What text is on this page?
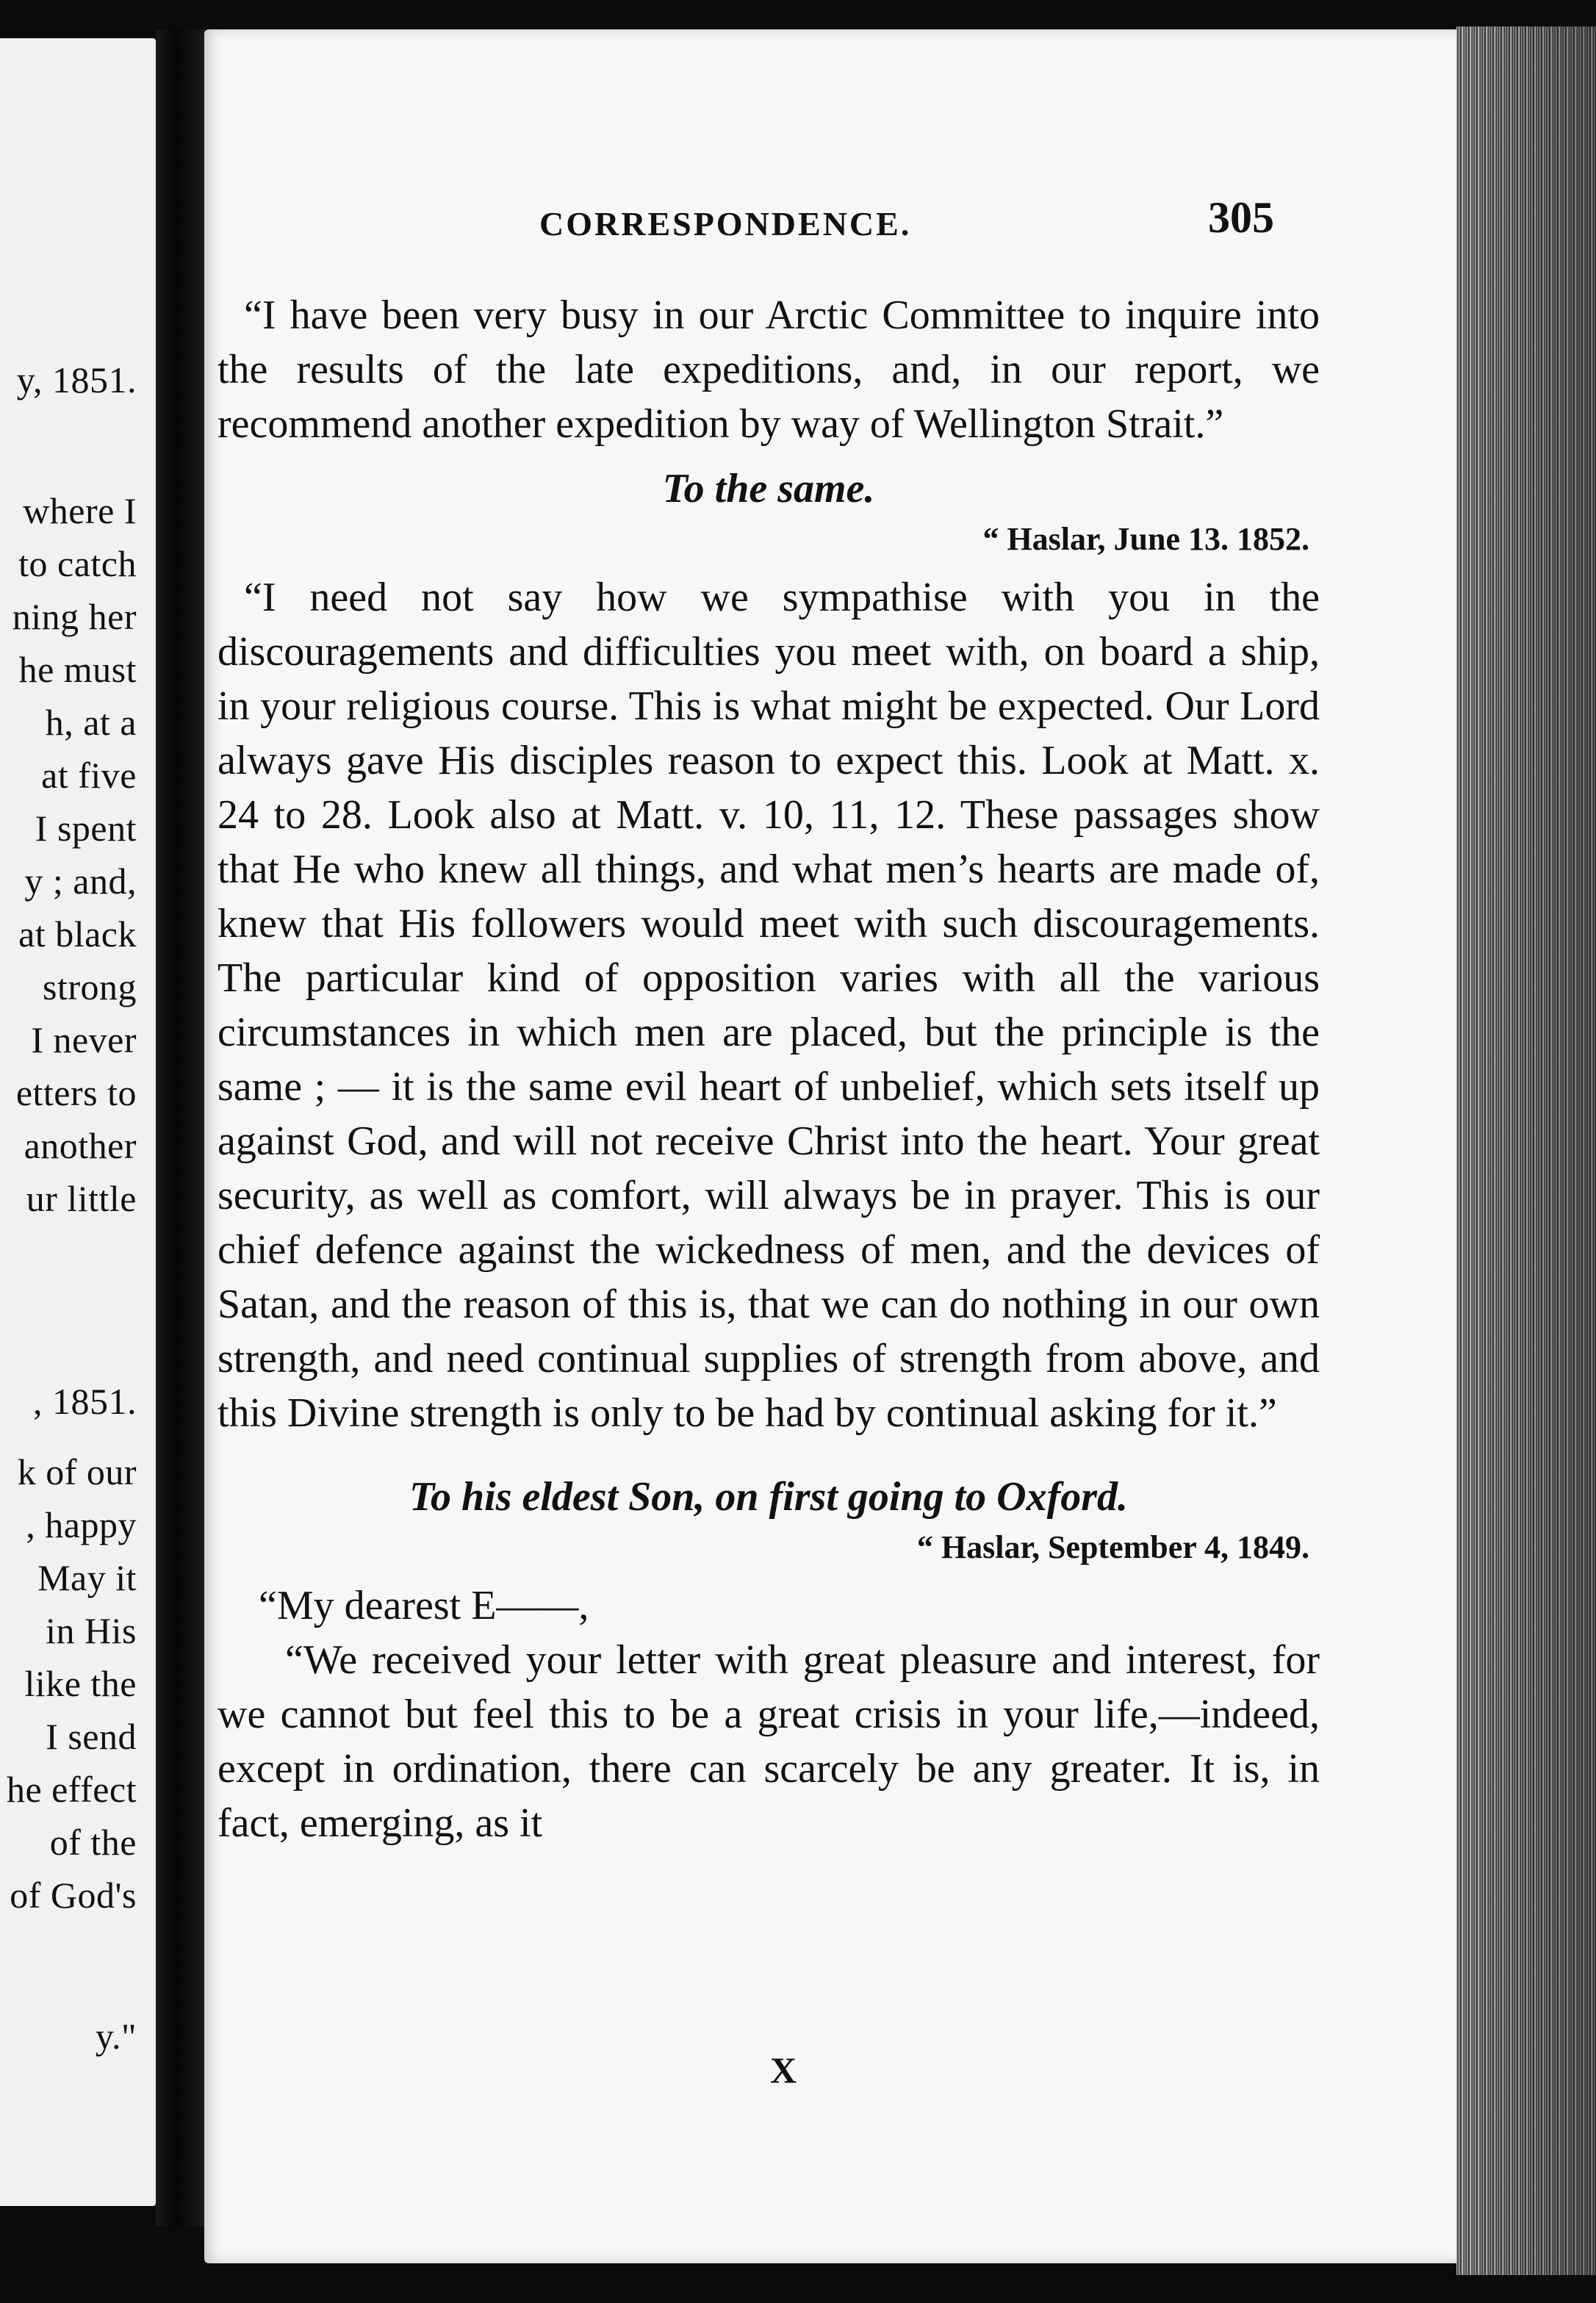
y, 1851.
where I
to catch
ning her
he must
h, at a
at five
I spent
y ; and,
at black
strong
I never
etters to
another
ur little
, 1851.
k of our
, happy
May it
in His
like the
I send
he effect
of the
of God's
y."
CORRESPONDENCE.	305

“I have been very busy in our Arctic Committee to inquire into the results of the late expeditions, and, in our report, we recommend another expedition by way of Wellington Strait.”

To the same.

“ Haslar, June 13. 1852.

“I need not say how we sympathise with you in the discouragements and difficulties you meet with, on board a ship, in your religious course. This is what might be expected. Our Lord always gave His disciples reason to expect this. Look at Matt. x. 24 to 28. Look also at Matt. v. 10, 11, 12. These passages show that He who knew all things, and what men’s hearts are made of, knew that His followers would meet with such discouragements. The particular kind of opposition varies with all the various circumstances in which men are placed, but the principle is the same ; — it is the same evil heart of unbelief, which sets itself up against God, and will not receive Christ into the heart. Your great security, as well as comfort, will always be in prayer. This is our chief defence against the wickedness of men, and the devices of Satan, and the reason of this is, that we can do nothing in our own strength, and need continual supplies of strength from above, and this Divine strength is only to be had by continual asking for it.”

To his eldest Son, on first going to Oxford.

“ Haslar, September 4, 1849.

“My dearest E——,

“We received your letter with great pleasure and interest, for we cannot but feel this to be a great crisis in your life,—indeed, except in ordination, there can scarcely be any greater. It is, in fact, emerging, as it

X
